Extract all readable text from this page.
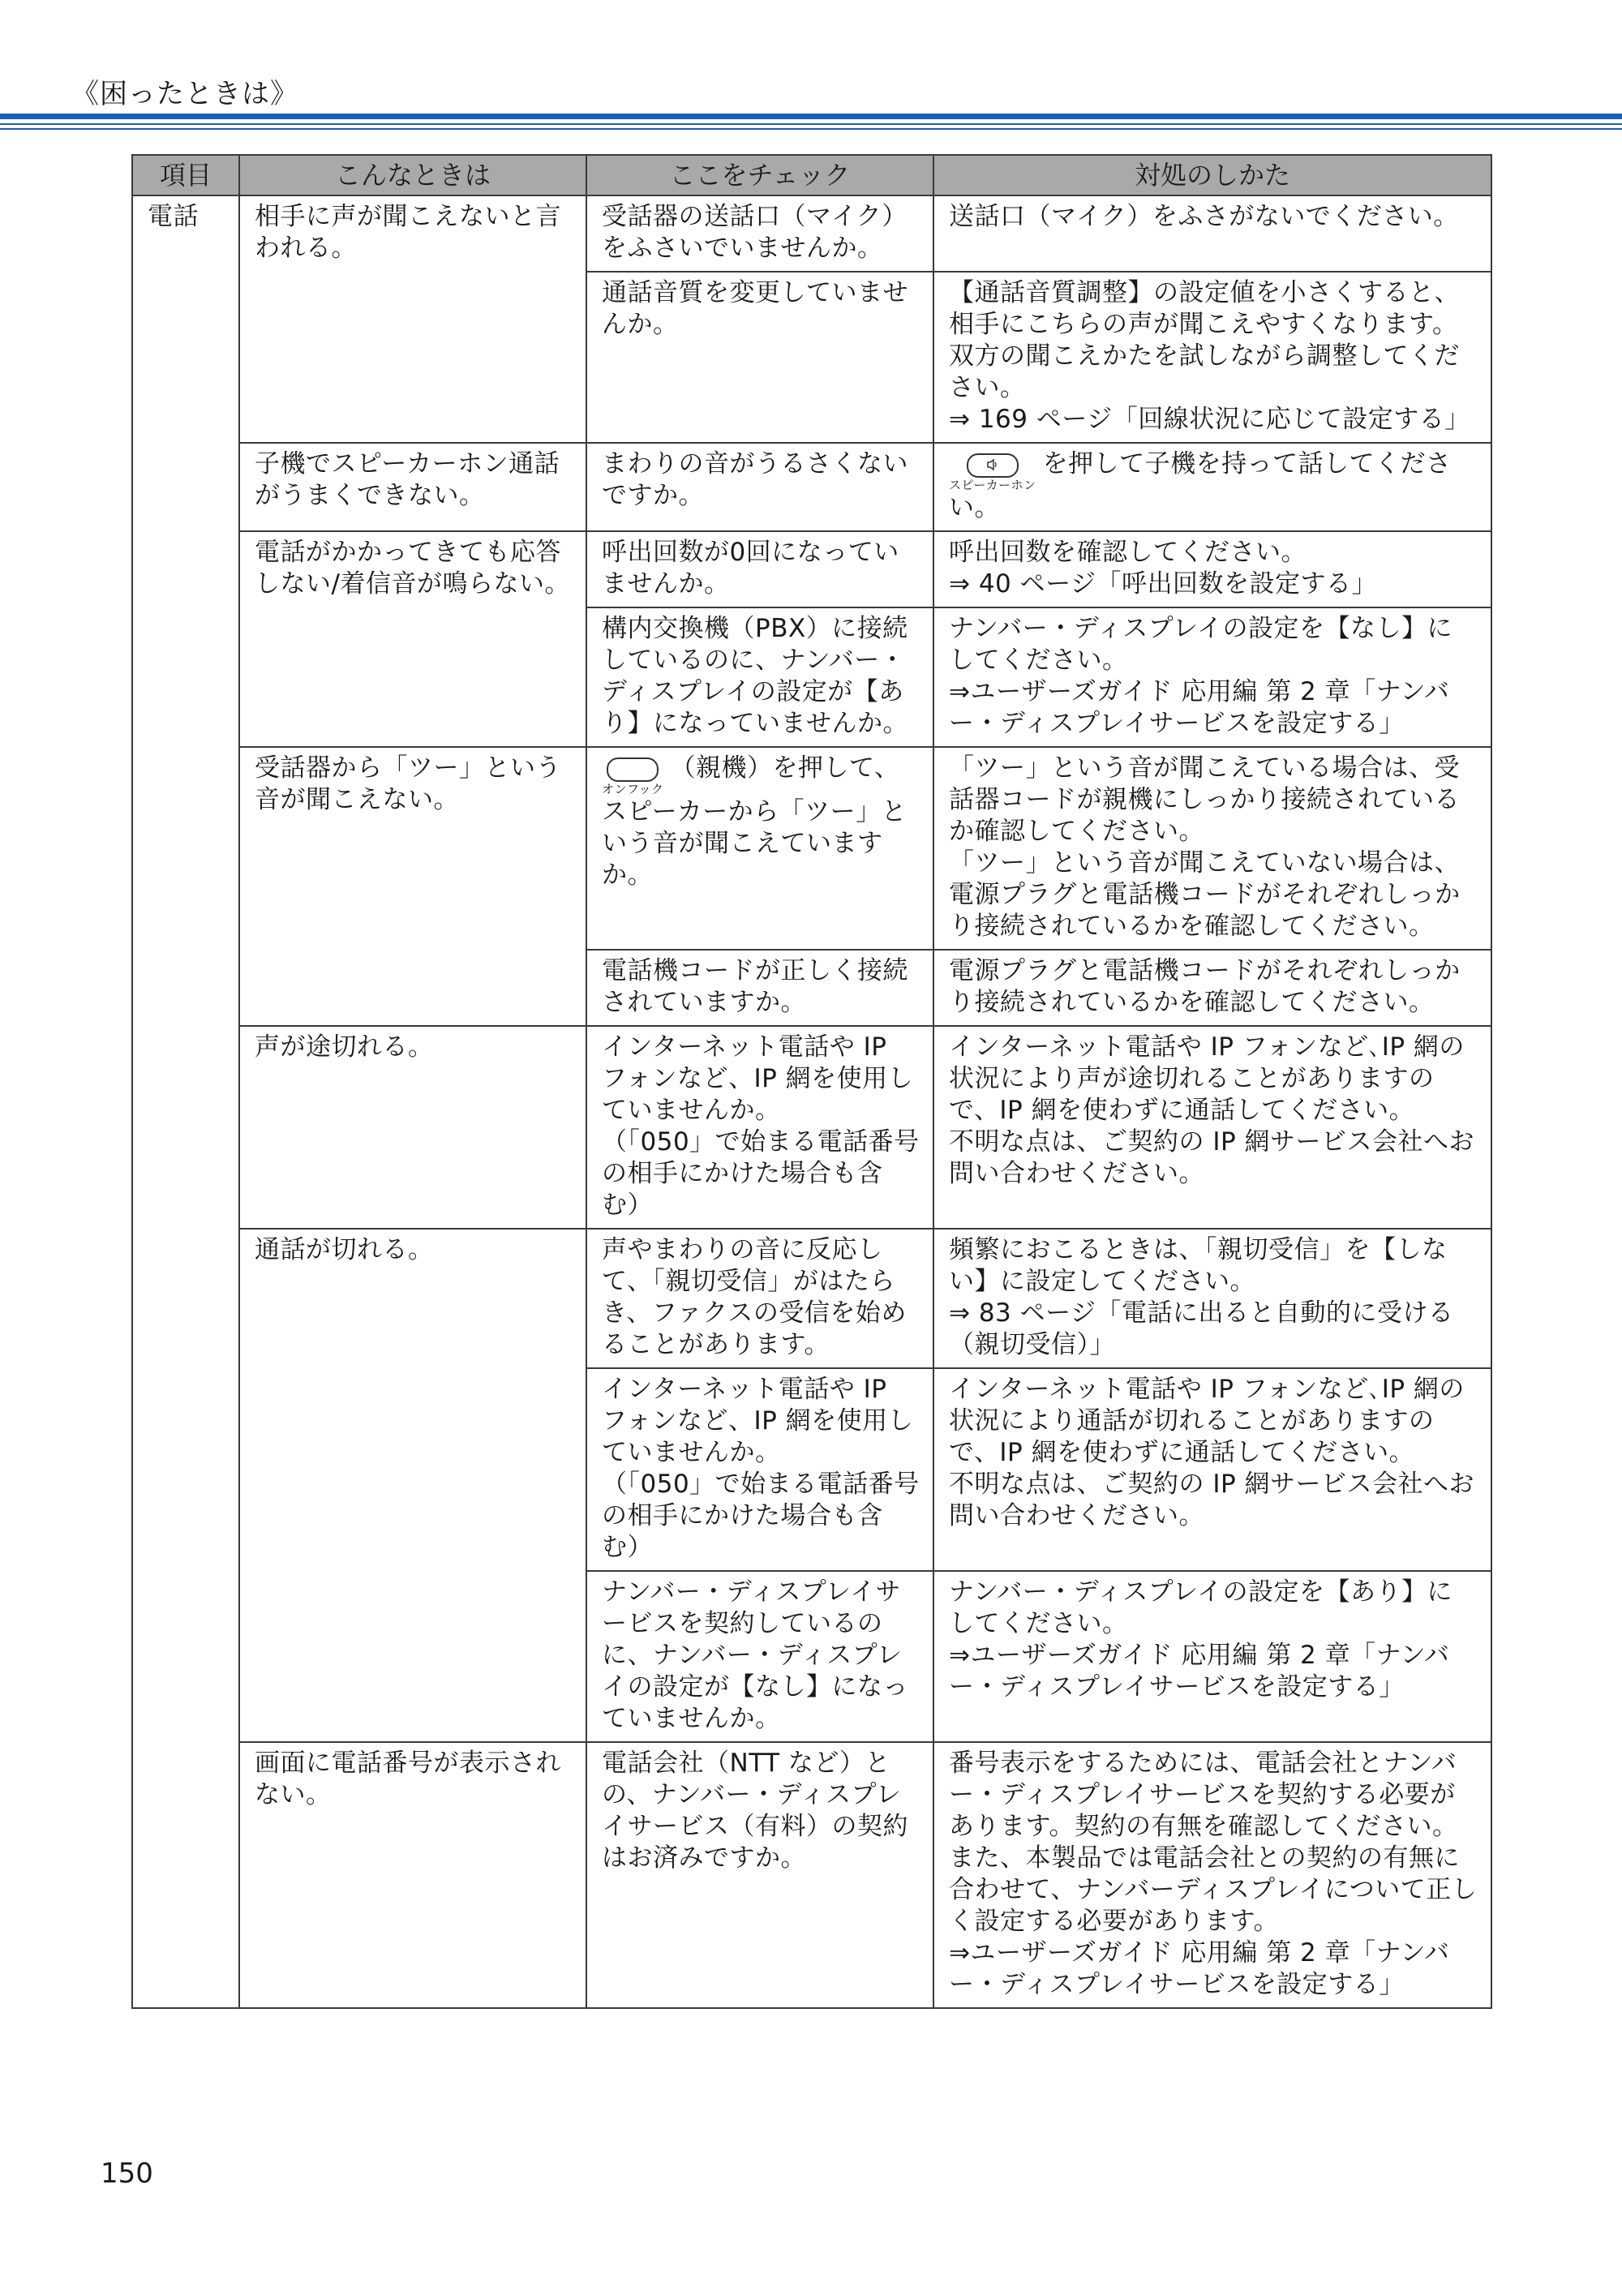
《困ったときは》
項目	こんなときは	ここをチェック	対処のしかた
電話	相手に声が聞こえないと言われる。	受話器の送話口（マイク）をふさいでいませんか。	送話口（マイク）をふさがないでください。
		通話音質を変更していませんか。	【通話音質調整】の設定値を小さくすると、相手にこちらの声が聞こえやすくなります。双方の聞こえかたを試しながら調整してください。
⇒ 169 ページ「回線状況に応じて設定する」
	子機でスピーカーホン通話がうまくできない。	まわりの音がうるさくないですか。	スピーカーホン
を押して子機を持って話してください。
	電話がかかってきても応答しない/着信音が鳴らない。	呼出回数が0回になっていませんか。	呼出回数を確認してください。
⇒ 40 ページ「呼出回数を設定する」
		構内交換機（PBX）に接続しているのに、ナンバー・ディスプレイの設定が【あり】になっていませんか。	ナンバー・ディスプレイの設定を【なし】にしてください。
⇒ユーザーズガイド 応用編 第 2 章「ナンバー・ディスプレイサービスを設定する」
	受話器から「ツー」という音が聞こえない。	オンフック
（親機）を押して、スピーカーから「ツー」という音が聞こえていますか。	「ツー」という音が聞こえている場合は、受話器コードが親機にしっかり接続されているか確認してください。
「ツー」という音が聞こえていない場合は、電源プラグと電話機コードがそれぞれしっかり接続されているかを確認してください。
		電話機コードが正しく接続されていますか。	電源プラグと電話機コードがそれぞれしっかり接続されているかを確認してください。
	声が途切れる。	インターネット電話や IP フォンなど、IP 網を使用していませんか。
（「050」で始まる電話番号の相手にかけた場合も含む）	インターネット電話や IP フォンなど､IP 網の状況により声が途切れることがありますので、IP 網を使わずに通話してください。
不明な点は、ご契約の IP 網サービス会社へお問い合わせください。
	通話が切れる。	声やまわりの音に反応して、「親切受信」がはたらき、ファクスの受信を始めることがあります。	頻繁におこるときは、「親切受信」を【しない】に設定してください。
⇒ 83 ページ「電話に出ると自動的に受ける（親切受信）」
		インターネット電話や IP フォンなど、IP 網を使用していませんか。
（「050」で始まる電話番号の相手にかけた場合も含む）	インターネット電話や IP フォンなど､IP 網の状況により通話が切れることがありますので、IP 網を使わずに通話してください。
不明な点は、ご契約の IP 網サービス会社へお問い合わせください。
		ナンバー・ディスプレイサービスを契約しているのに、ナンバー・ディスプレイの設定が【なし】になっていませんか。	ナンバー・ディスプレイの設定を【あり】にしてください。
⇒ユーザーズガイド 応用編 第 2 章「ナンバー・ディスプレイサービスを設定する」
	画面に電話番号が表示されない。	電話会社（NTT など）との、ナンバー・ディスプレイサービス（有料）の契約はお済みですか。	番号表示をするためには、電話会社とナンバー・ディスプレイサービスを契約する必要があります。契約の有無を確認してください。また、本製品では電話会社との契約の有無に合わせて、ナンバーディスプレイについて正しく設定する必要があります。
⇒ユーザーズガイド 応用編 第 2 章「ナンバー・ディスプレイサービスを設定する」
150
